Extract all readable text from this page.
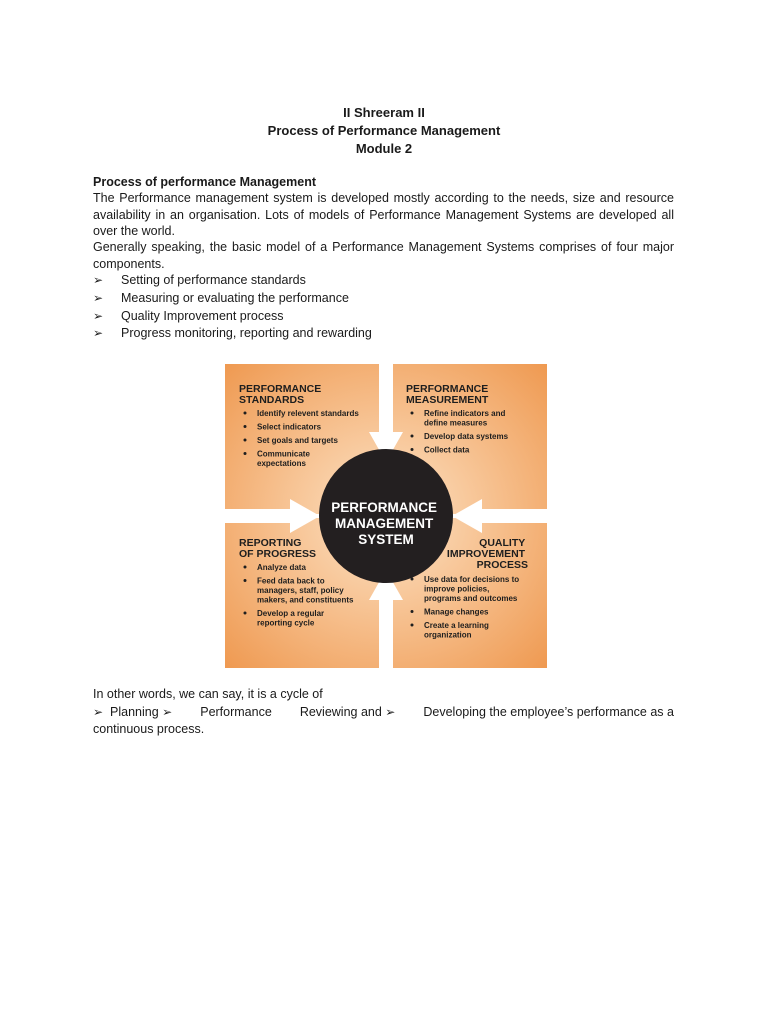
II Shreeram II
Process of Performance Management
Module 2
Process of performance Management
The Performance management system is developed mostly according to the needs, size and resource availability in an organisation. Lots of models of Performance Management Systems are developed all over the world.
Generally speaking, the basic model of a Performance Management Systems comprises of four major components.
➢	Setting of performance standards
➢	Measuring or evaluating the performance
➢	Quality Improvement process
➢	Progress monitoring, reporting and rewarding
PERFORMANCE MANAGEMENT SYSTEM
PERFORMANCE STANDARDS
PERFORMANCE MEASUREMENT
REPORTING OF PROGRESS
QUALITY IMPROVEMENT PROCESS
Identify relevent standards
Select indicators
Set goals and targets
Communicate
expectations
Refine indicators and
define measures
Develop data systems
Collect data
Analyze data
Feed data back to
managers, staff, policy
makers, and constituents
Develop a regular
reporting cycle
Use data for decisions to
improve policies,
programs and outcomes
Manage changes
Create a learning
organization
In other words, we can say, it is a cycle of
➢ Planning ➢ Performance Reviewing and ➢ Developing the employee’s performance as a
continuous process.
